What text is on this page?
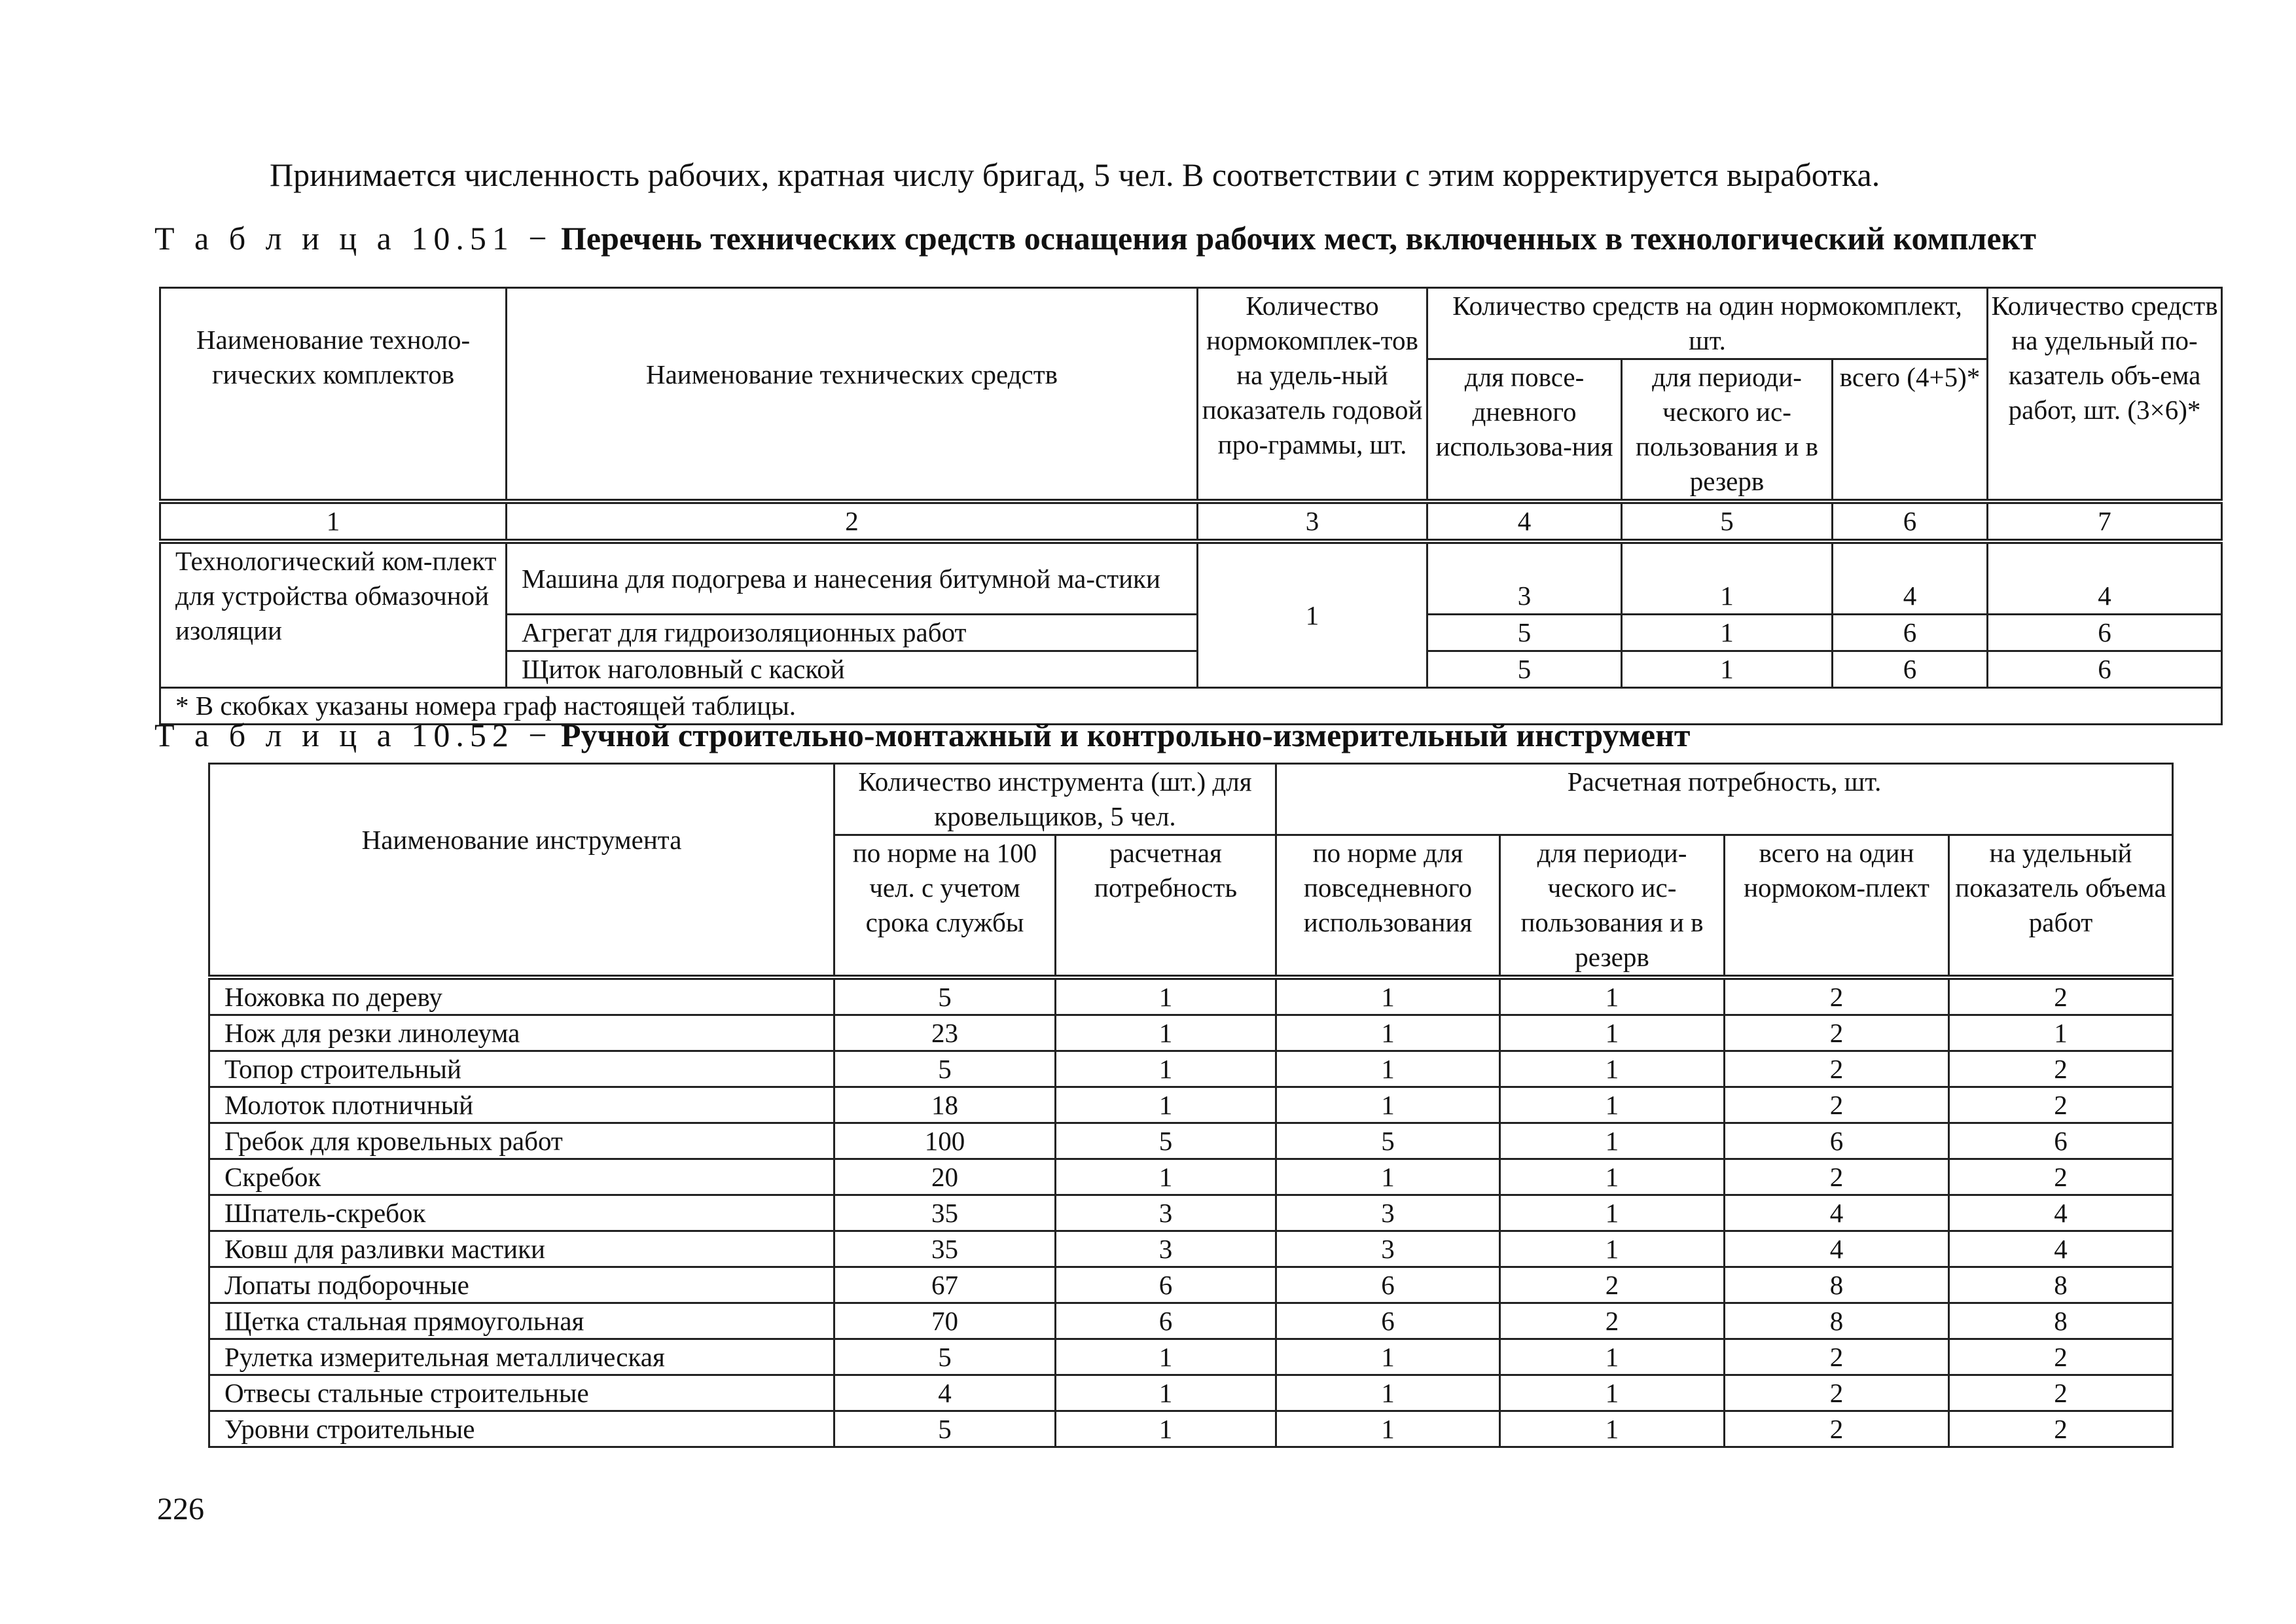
Принимается численность рабочих, кратная числу бригад, 5 чел. В соответствии с этим корректируется выработка.
Т а б л и ц а 10.51 − Перечень технических средств оснащения рабочих мест, включенных в технологический комплект
Наименование техноло-гических комплектов	Наименование технических средств	Количество нормокомплек-тов на удель-ный показатель годовой про-граммы, шт.	Количество средств на один нормокомплект, шт.			Количество средств на удельный по-казатель объ-ема работ, шт. (3×6)*
			для повсе-дневного использова-ния	для периоди-ческого ис-пользования и в резерв	всего (4+5)*	
1	2	3	4	5	6	7
Технологический ком-плект для устройства обмазочной изоляции	Машина для подогрева и нанесения битумной ма-стики	1	3	1	4	4
	Агрегат для гидроизоляционных работ		5	1	6	6
	Щиток наголовный с каской		5	1	6	6
* В скобках указаны номера граф настоящей таблицы.						
Т а б л и ц а 10.52 − Ручной строительно-монтажный и контрольно-измерительный инструмент
Наименование инструмента	Количество инструмента (шт.) для кровельщиков, 5 чел.		Расчетная потребность, шт.			
	по норме на 100 чел. с учетом срока службы	расчетная потребность	по норме для повседневного использования	для периоди-ческого ис-пользования и в резерв	всего на один нормоком-плект	на удельный показатель объема работ
Ножовка по дереву	5	1	1	1	2	2
Нож для резки линолеума	23	1	1	1	2	1
Топор строительный	5	1	1	1	2	2
Молоток плотничный	18	1	1	1	2	2
Гребок для кровельных работ	100	5	5	1	6	6
Скребок	20	1	1	1	2	2
Шпатель-скребок	35	3	3	1	4	4
Ковш для разливки мастики	35	3	3	1	4	4
Лопаты подборочные	67	6	6	2	8	8
Щетка стальная прямоугольная	70	6	6	2	8	8
Рулетка измерительная металлическая	5	1	1	1	2	2
Отвесы стальные строительные	4	1	1	1	2	2
Уровни строительные	5	1	1	1	2	2
226
